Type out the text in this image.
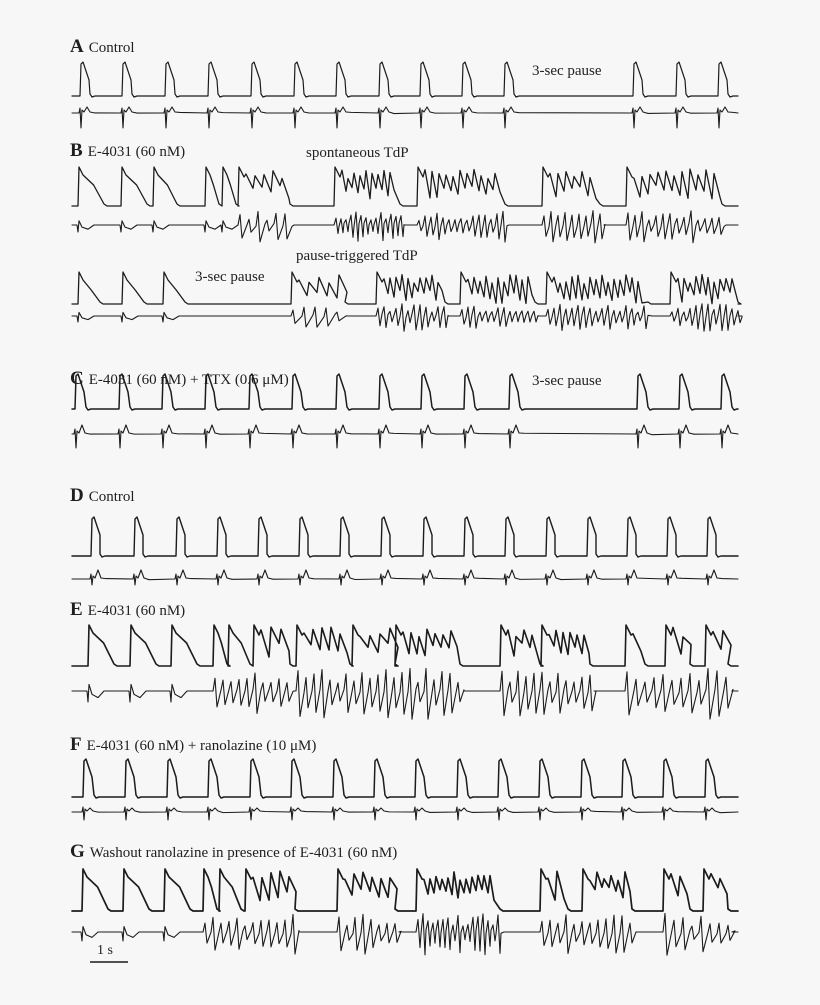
A Control
3-sec pause
B E-4031 (60 nM)	spontaneous TdP
pause-triggered TdP
3-sec pause
C E-4031 (60 nM) + TTX (0.6 μM)	3-sec pause
D Control
E E-4031 (60 nM)
F E-4031 (60 nM) + ranolazine (10 μM)
G Washout ranolazine in presence of E-4031 (60 nM)
1 s
